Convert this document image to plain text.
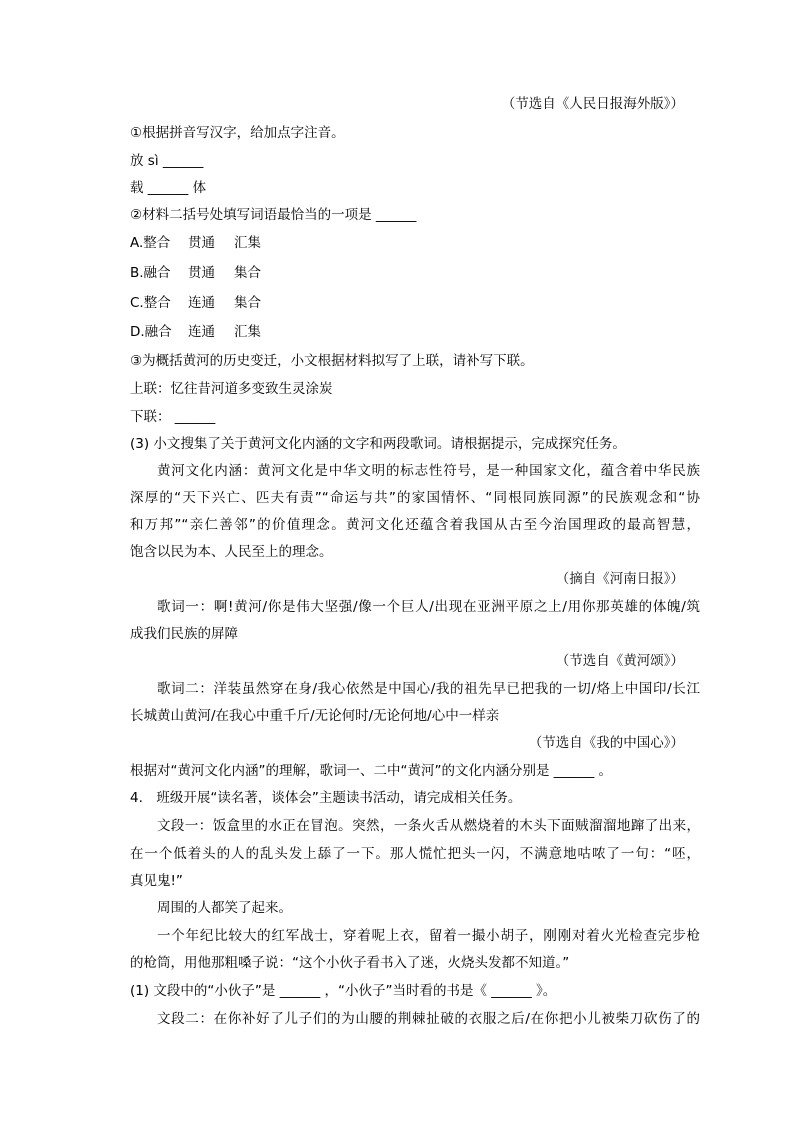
（节选自《人民日报海外版》）
①根据拼音写汉字，给加点字注音。
放 sì ______
载 ______ 体
②材料二括号处填写词语最恰当的一项是 ______
A.整合 贯通 汇集
B.融合 贯通 集合
C.整合 连通 集合
D.融合 连通 汇集
③为概括黄河的历史变迁，小文根据材料拟写了上联，请补写下联。
上联：忆往昔河道多变致生灵涂炭
下联： ______
(3) 小文搜集了关于黄河文化内涵的文字和两段歌词。请根据提示，完成探究任务。
黄河文化内涵：黄河文化是中华文明的标志性符号，是一种国家文化，蕴含着中华民族
深厚的“天下兴亡、匹夫有责”“命运与共”的家国情怀、“同根同族同源”的民族观念和“协
和万邦”“亲仁善邻”的价值理念。黄河文化还蕴含着我国从古至今治国理政的最高智慧，
饱含以民为本、人民至上的理念。
（摘自《河南日报》）
歌词一：啊!黄河/你是伟大坚强/像一个巨人/出现在亚洲平原之上/用你那英雄的体魄/筑
成我们民族的屏障
（节选自《黄河颂》）
歌词二：洋装虽然穿在身/我心依然是中国心/我的祖先早已把我的一切/烙上中国印/长江
长城黄山黄河/在我心中重千斤/无论何时/无论何地/心中一样亲
（节选自《我的中国心》）
根据对“黄河文化内涵”的理解，歌词一、二中“黄河”的文化内涵分别是 ______ 。
4.　班级开展“读名著，谈体会”主题读书活动，请完成相关任务。
文段一：饭盒里的水正在冒泡。突然，一条火舌从燃烧着的木头下面贼溜溜地蹿了出来，
在一个低着头的人的乱头发上舔了一下。那人慌忙把头一闪，不满意地咕哝了一句：“呸，
真见鬼!”
周围的人都笑了起来。
一个年纪比较大的红军战士，穿着呢上衣，留着一撮小胡子，刚刚对着火光检查完步枪
的枪筒，用他那粗嗓子说：“这个小伙子看书入了迷，火烧头发都不知道。”
(1) 文段中的“小伙子”是 ______ ，“小伙子”当时看的书是《 ______ 》。
文段二：在你补好了儿子们的为山腰的荆棘扯破的衣服之后/在你把小儿被柴刀砍伤了的
